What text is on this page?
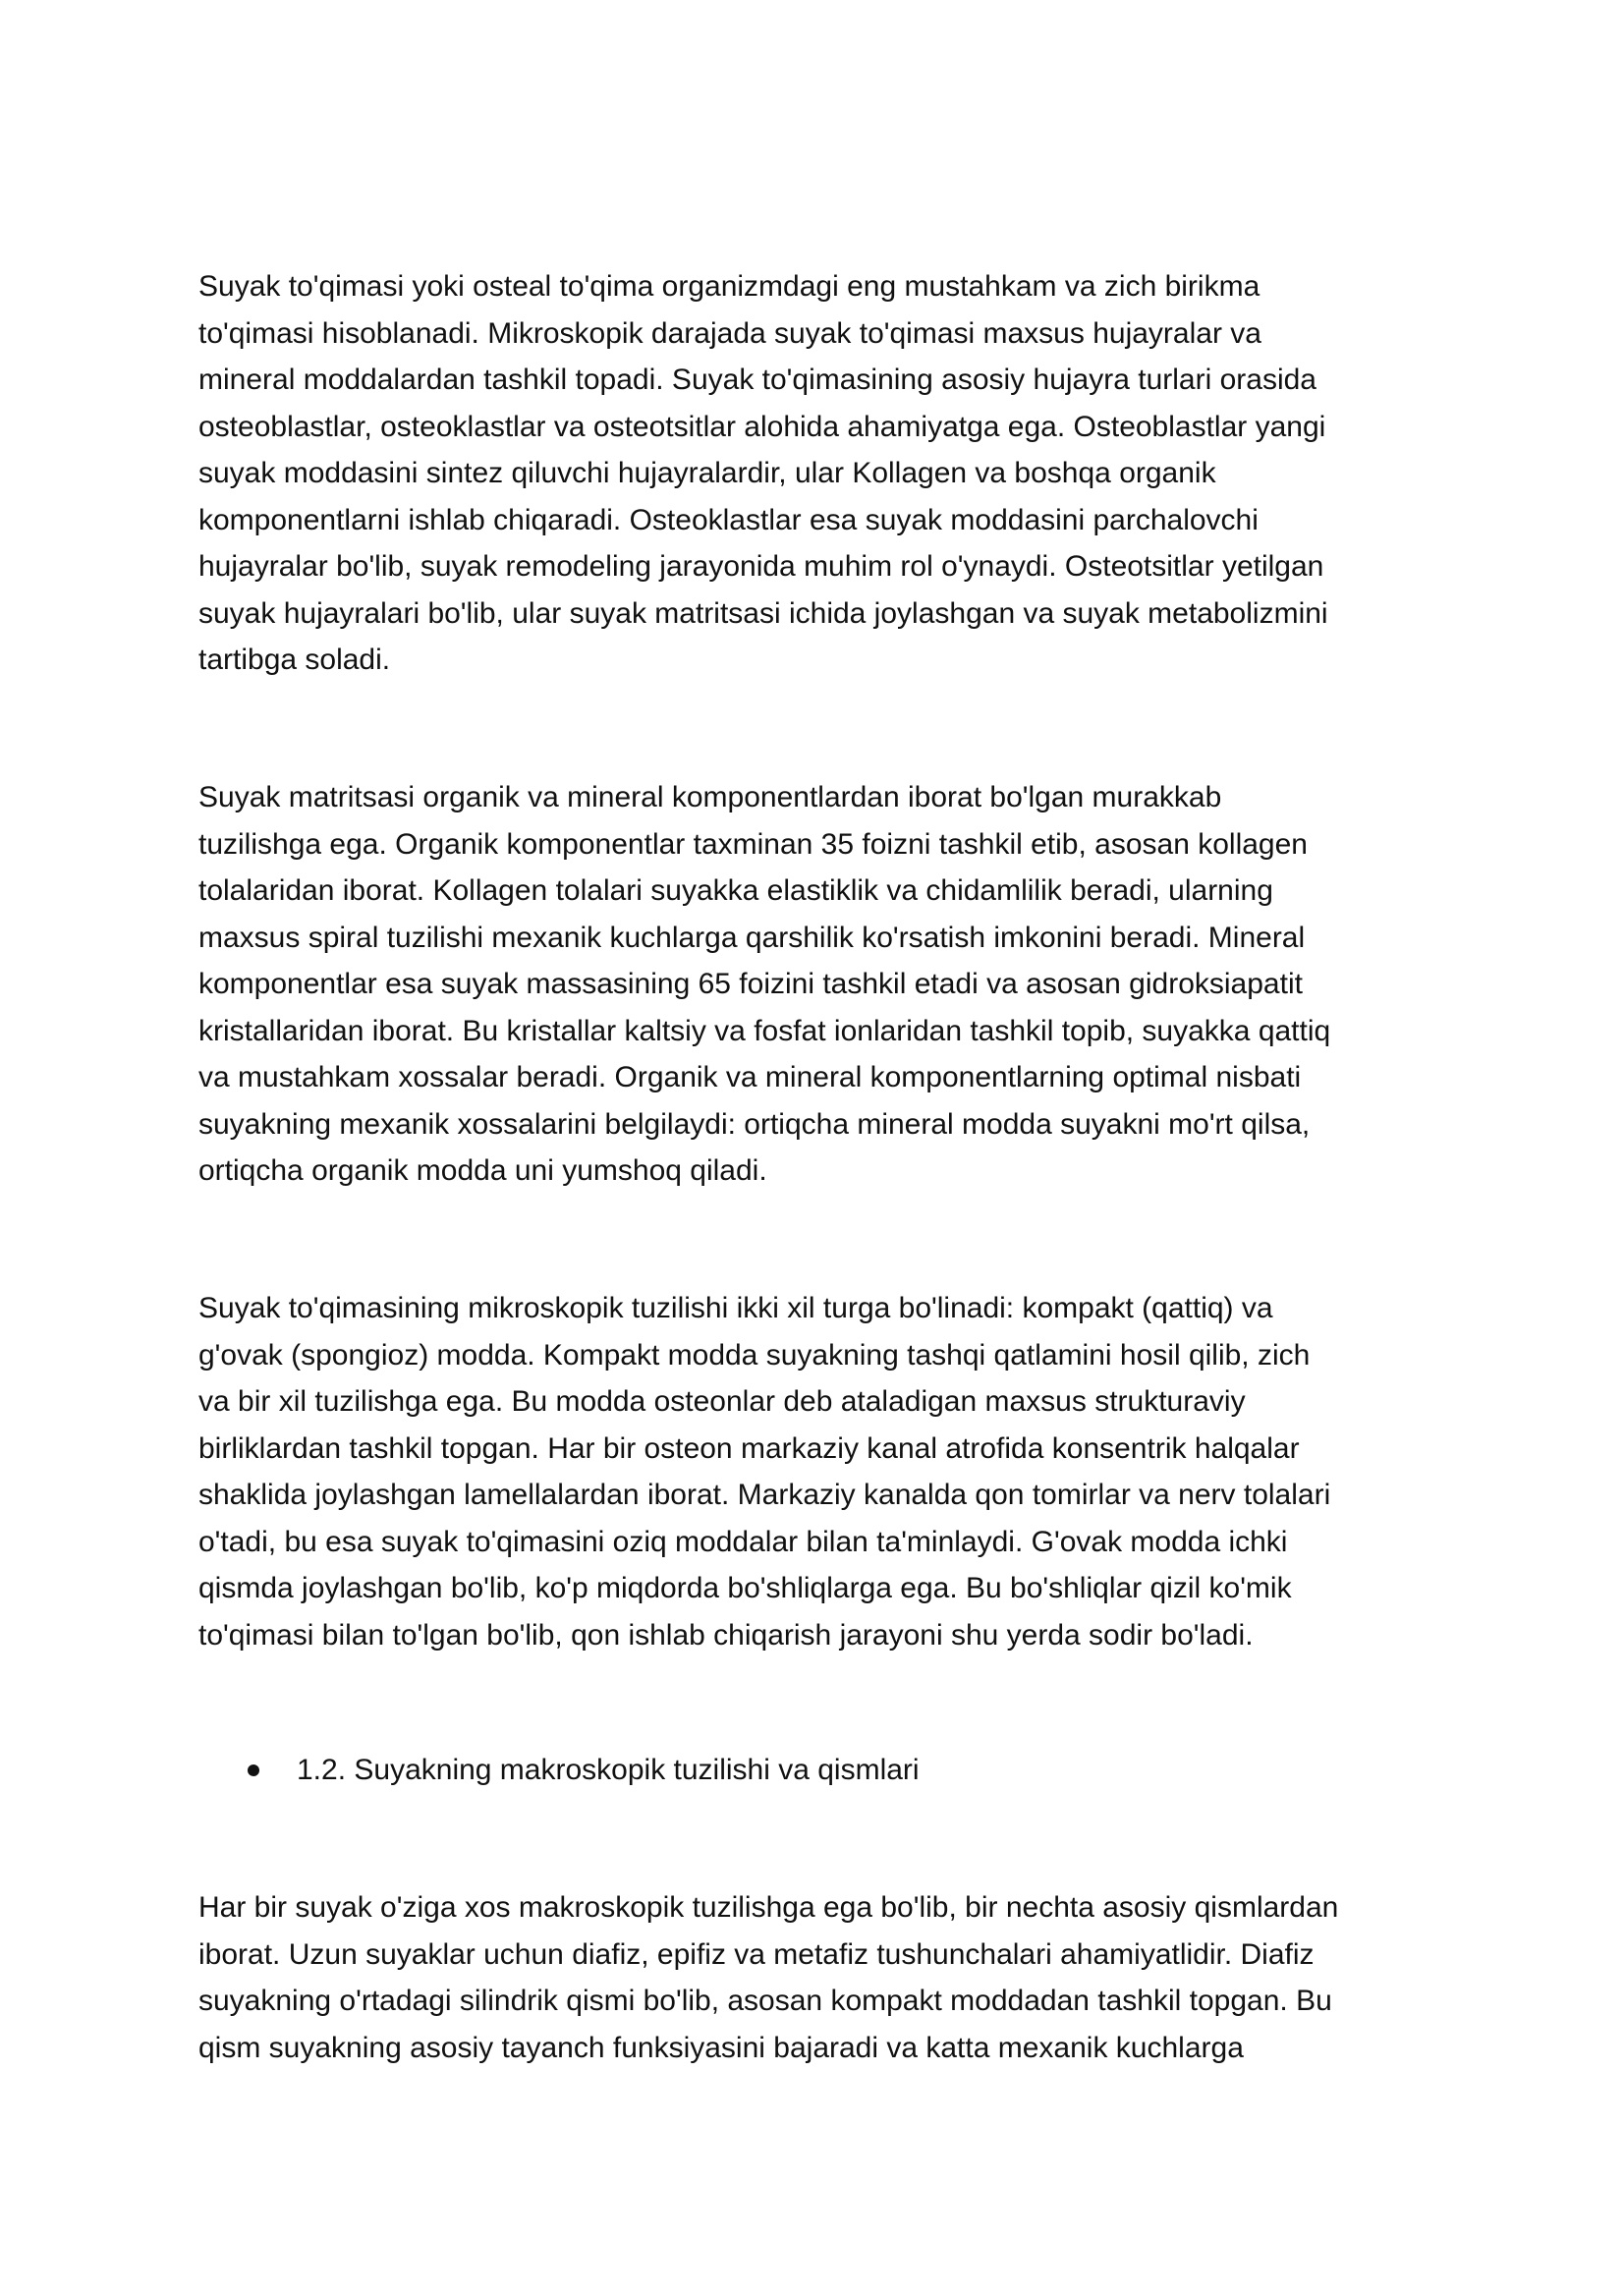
Suyak to'qimasi yoki osteal to'qima organizmdagi eng mustahkam va zich birikma
to'qimasi hisoblanadi. Mikroskopik darajada suyak to'qimasi maxsus hujayralar va
mineral moddalardan tashkil topadi. Suyak to'qimasining asosiy hujayra turlari orasida
osteoblastlar, osteoklastlar va osteotsitlar alohida ahamiyatga ega. Osteoblastlar yangi
suyak moddasini sintez qiluvchi hujayralardir, ular Kollagen va boshqa organik
komponentlarni ishlab chiqaradi. Osteoklastlar esa suyak moddasini parchalovchi
hujayralar bo'lib, suyak remodeling jarayonida muhim rol o'ynaydi. Osteotsitlar yetilgan
suyak hujayralari bo'lib, ular suyak matritsasi ichida joylashgan va suyak metabolizmini
tartibga soladi.
Suyak matritsasi organik va mineral komponentlardan iborat bo'lgan murakkab
tuzilishga ega. Organik komponentlar taxminan 35 foizni tashkil etib, asosan kollagen
tolalaridan iborat. Kollagen tolalari suyakka elastiklik va chidamlilik beradi, ularning
maxsus spiral tuzilishi mexanik kuchlarga qarshilik ko'rsatish imkonini beradi. Mineral
komponentlar esa suyak massasining 65 foizini tashkil etadi va asosan gidroksiapatit
kristallaridan iborat. Bu kristallar kaltsiy va fosfat ionlaridan tashkil topib, suyakka qattiq
va mustahkam xossalar beradi. Organik va mineral komponentlarning optimal nisbati
suyakning mexanik xossalarini belgilaydi: ortiqcha mineral modda suyakni mo'rt qilsa,
ortiqcha organik modda uni yumshoq qiladi.
Suyak to'qimasining mikroskopik tuzilishi ikki xil turga bo'linadi: kompakt (qattiq) va
g'ovak (spongioz) modda. Kompakt modda suyakning tashqi qatlamini hosil qilib, zich
va bir xil tuzilishga ega. Bu modda osteonlar deb ataladigan maxsus strukturaviy
birliklardan tashkil topgan. Har bir osteon markaziy kanal atrofida konsentrik halqalar
shaklida joylashgan lamellalardan iborat. Markaziy kanalda qon tomirlar va nerv tolalari
o'tadi, bu esa suyak to'qimasini oziq moddalar bilan ta'minlaydi. G'ovak modda ichki
qismda joylashgan bo'lib, ko'p miqdorda bo'shliqlarga ega. Bu bo'shliqlar qizil ko'mik
to'qimasi bilan to'lgan bo'lib, qon ishlab chiqarish jarayoni shu yerda sodir bo'ladi.
1.2. Suyakning makroskopik tuzilishi va qismlari
Har bir suyak o'ziga xos makroskopik tuzilishga ega bo'lib, bir nechta asosiy qismlardan
iborat. Uzun suyaklar uchun diafiz, epifiz va metafiz tushunchalari ahamiyatlidir. Diafiz
suyakning o'rtadagi silindrik qismi bo'lib, asosan kompakt moddadan tashkil topgan. Bu
qism suyakning asosiy tayanch funksiyasini bajaradi va katta mexanik kuchlarga
